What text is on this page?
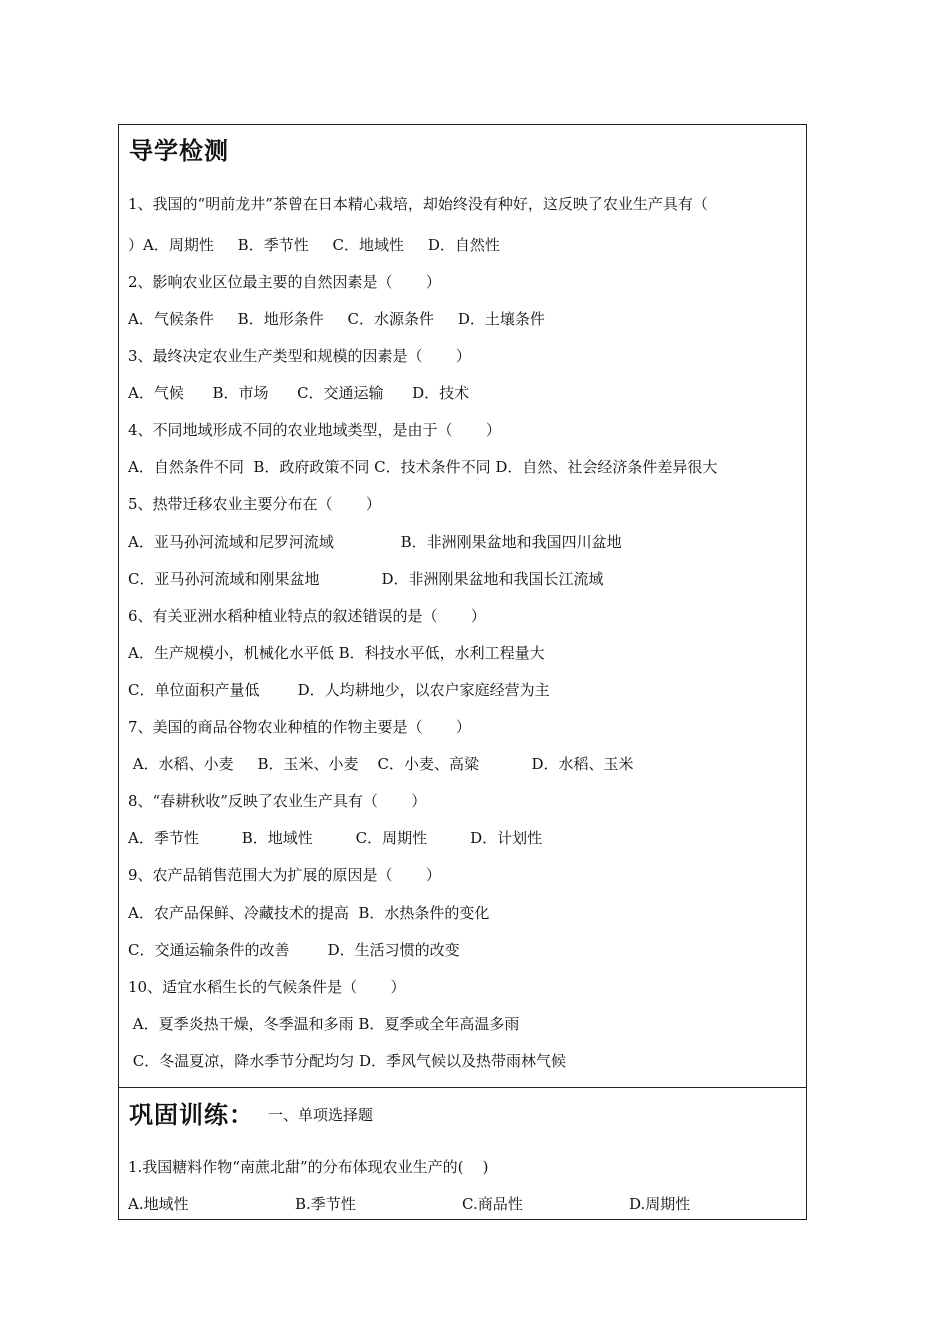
导学检测
1、我国的“明前龙井”茶曾在日本精心栽培，却始终没有种好，这反映了农业生产具有（
）A．周期性     B．季节性     C．地域性     D．自然性
2、影响农业区位最主要的自然因素是（       ）
A．气候条件     B．地形条件     C．水源条件     D．土壤条件
3、最终决定农业生产类型和规模的因素是（       ）
A．气候      B．市场      C．交通运输      D．技术
4、不同地域形成不同的农业地域类型，是由于（       ）
A．自然条件不同  B．政府政策不同 C．技术条件不同 D．自然、社会经济条件差异很大
5、热带迁移农业主要分布在（       ）
A．亚马孙河流域和尼罗河流域              B．非洲刚果盆地和我国四川盆地
C．亚马孙河流域和刚果盆地             D．非洲刚果盆地和我国长江流域
6、有关亚洲水稻种植业特点的叙述错误的是（       ）
A．生产规模小，机械化水平低 B．科技水平低，水利工程量大
C．单位面积产量低        D．人均耕地少，以农户家庭经营为主
7、美国的商品谷物农业种植的作物主要是（       ）
A．水稻、小麦     B．玉米、小麦    C．小麦、高粱           D．水稻、玉米
8、“春耕秋收”反映了农业生产具有（       ）
A．季节性         B．地域性         C．周期性         D．计划性
9、农产品销售范围大为扩展的原因是（       ）
A．农产品保鲜、冷藏技术的提高  B．水热条件的变化
C．交通运输条件的改善        D．生活习惯的改变
10、适宜水稻生长的气候条件是（       ）
A．夏季炎热干燥，冬季温和多雨 B．夏季或全年高温多雨
C．冬温夏凉，降水季节分配均匀 D．季风气候以及热带雨林气候
巩固训练： 一、单项选择题
1.我国糖料作物“南蔗北甜”的分布体现农业生产的(    )
A.地域性	B.季节性	C.商品性	D.周期性
